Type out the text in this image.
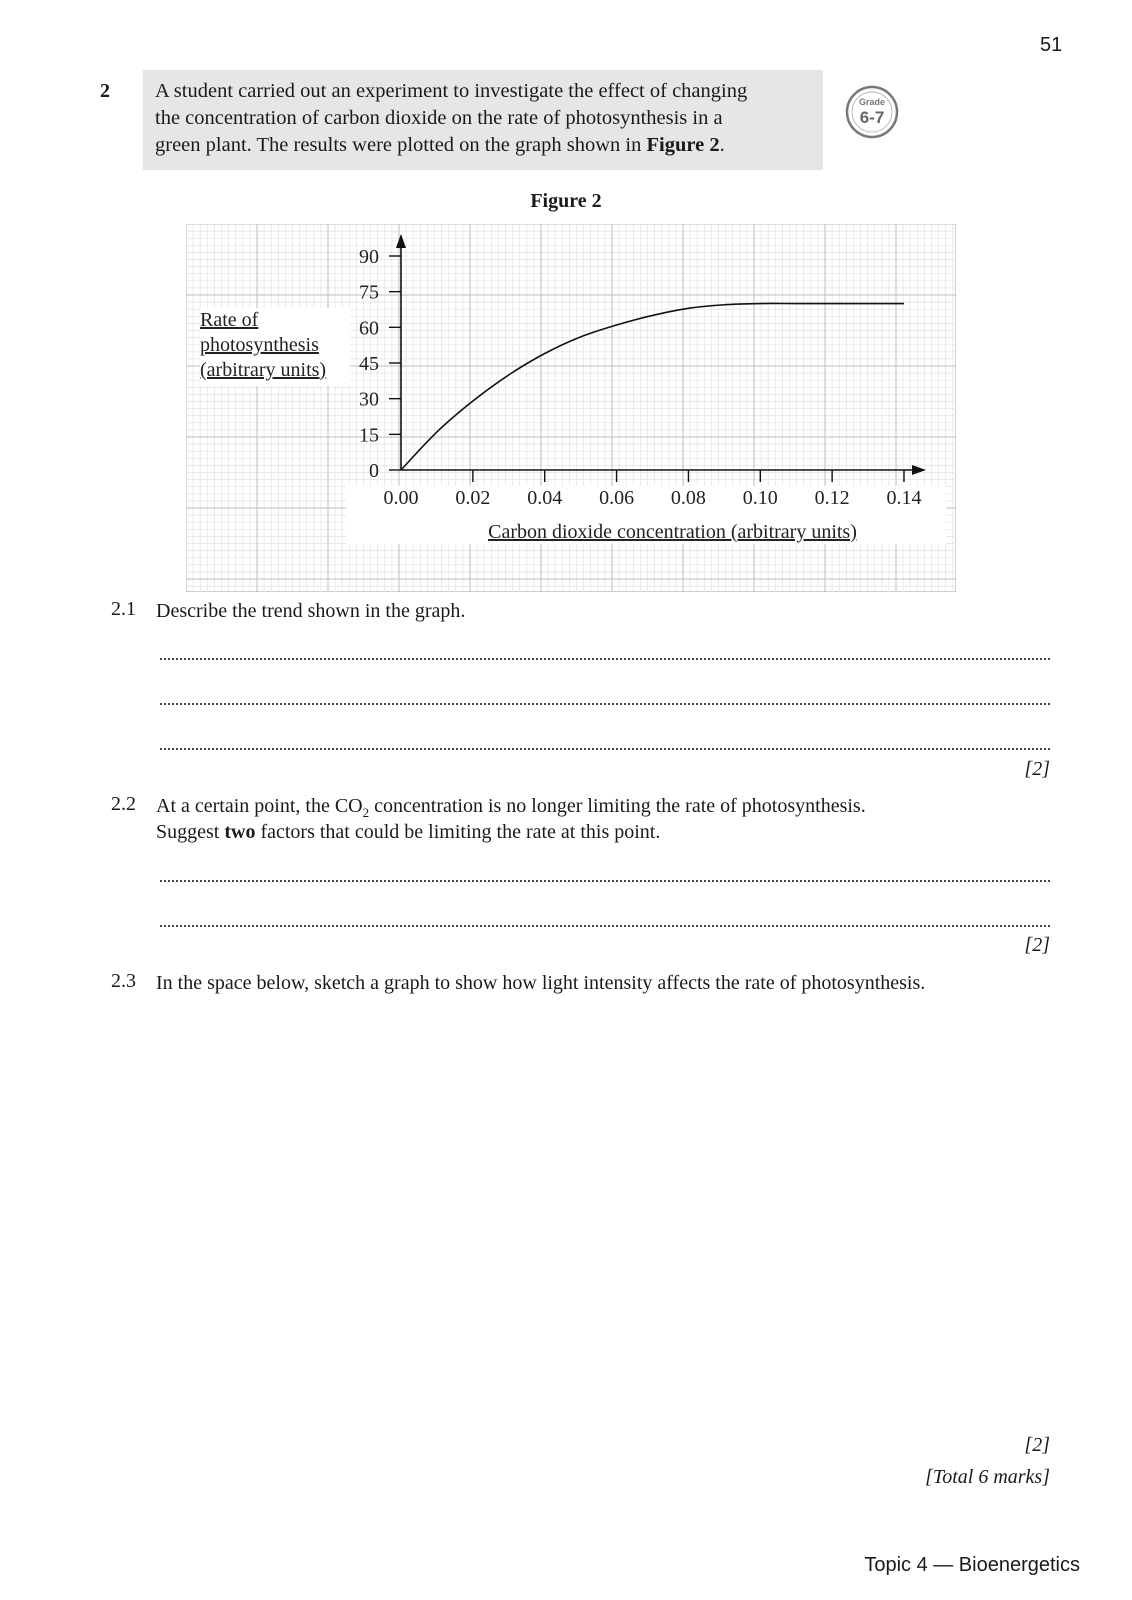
51
2 A student carried out an experiment to investigate the effect of changing
the concentration of carbon dioxide on the rate of photosynthesis in a
green plant. The results were plotted on the graph shown in Figure 2.
Grade
6-7
Figure 2
0
15
30
45
60
75
90
0.00 0.02 0.04 0.06 0.08 0.10 0.12 0.14
Carbon dioxide concentration (arbitrary units)
Rate of
photosynthesis
(arbitrary units)
2.1 Describe the trend shown in the graph.
[2]
2.2 At a certain point, the $CO_2$ concentration is no longer limiting the rate of photosynthesis.
Suggest two factors that could be limiting the rate at this point.
[2]
2.3 In the space below, sketch a graph to show how light intensity affects the rate of photosynthesis.
[2]
[Total 6 marks]
Topic 4 — Bioenergetics
